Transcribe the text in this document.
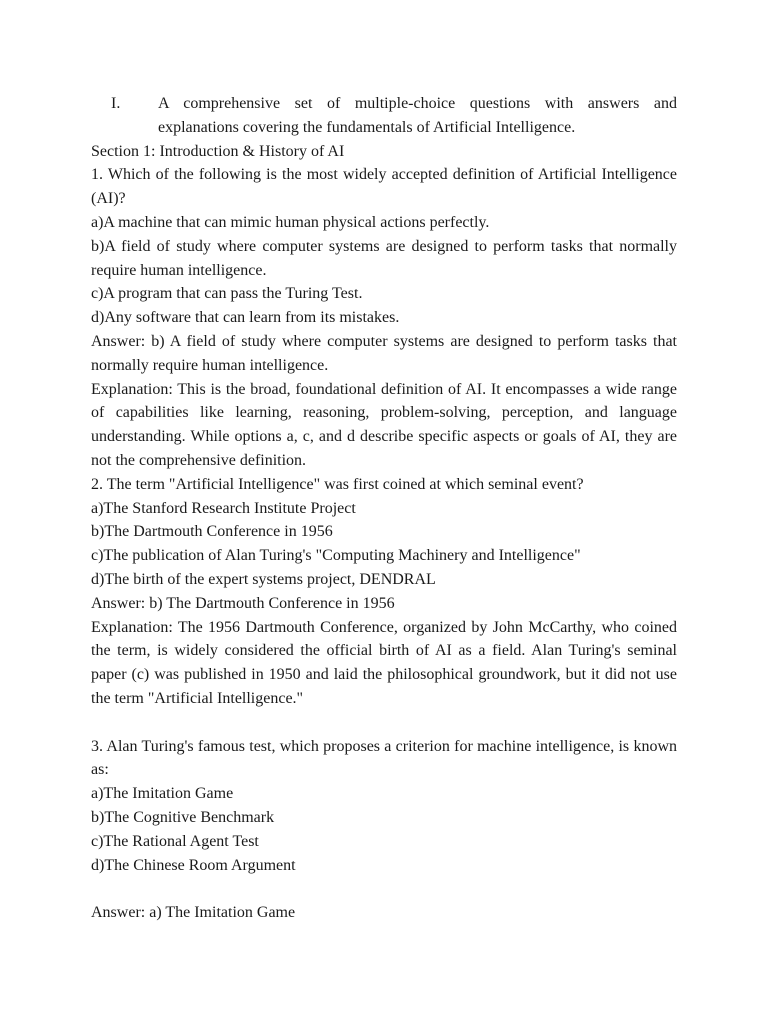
I.	A comprehensive set of multiple-choice questions with answers and explanations covering the fundamentals of Artificial Intelligence.

Section 1: Introduction & History of AI

1. Which of the following is the most widely accepted definition of Artificial Intelligence (AI)?

a)A machine that can mimic human physical actions perfectly.

b)A field of study where computer systems are designed to perform tasks that normally require human intelligence.

c)A program that can pass the Turing Test.

d)Any software that can learn from its mistakes.

Answer: b) A field of study where computer systems are designed to perform tasks that normally require human intelligence.

Explanation: This is the broad, foundational definition of AI. It encompasses a wide range of capabilities like learning, reasoning, problem-solving, perception, and language understanding. While options a, c, and d describe specific aspects or goals of AI, they are not the comprehensive definition.

2. The term "Artificial Intelligence" was first coined at which seminal event?

a)The Stanford Research Institute Project

b)The Dartmouth Conference in 1956

c)The publication of Alan Turing's "Computing Machinery and Intelligence"

d)The birth of the expert systems project, DENDRAL

Answer: b) The Dartmouth Conference in 1956

Explanation: The 1956 Dartmouth Conference, organized by John McCarthy, who coined the term, is widely considered the official birth of AI as a field. Alan Turing's seminal paper (c) was published in 1950 and laid the philosophical groundwork, but it did not use the term "Artificial Intelligence."

3. Alan Turing's famous test, which proposes a criterion for machine intelligence, is known as:

a)The Imitation Game

b)The Cognitive Benchmark

c)The Rational Agent Test

d)The Chinese Room Argument

Answer: a) The Imitation Game
